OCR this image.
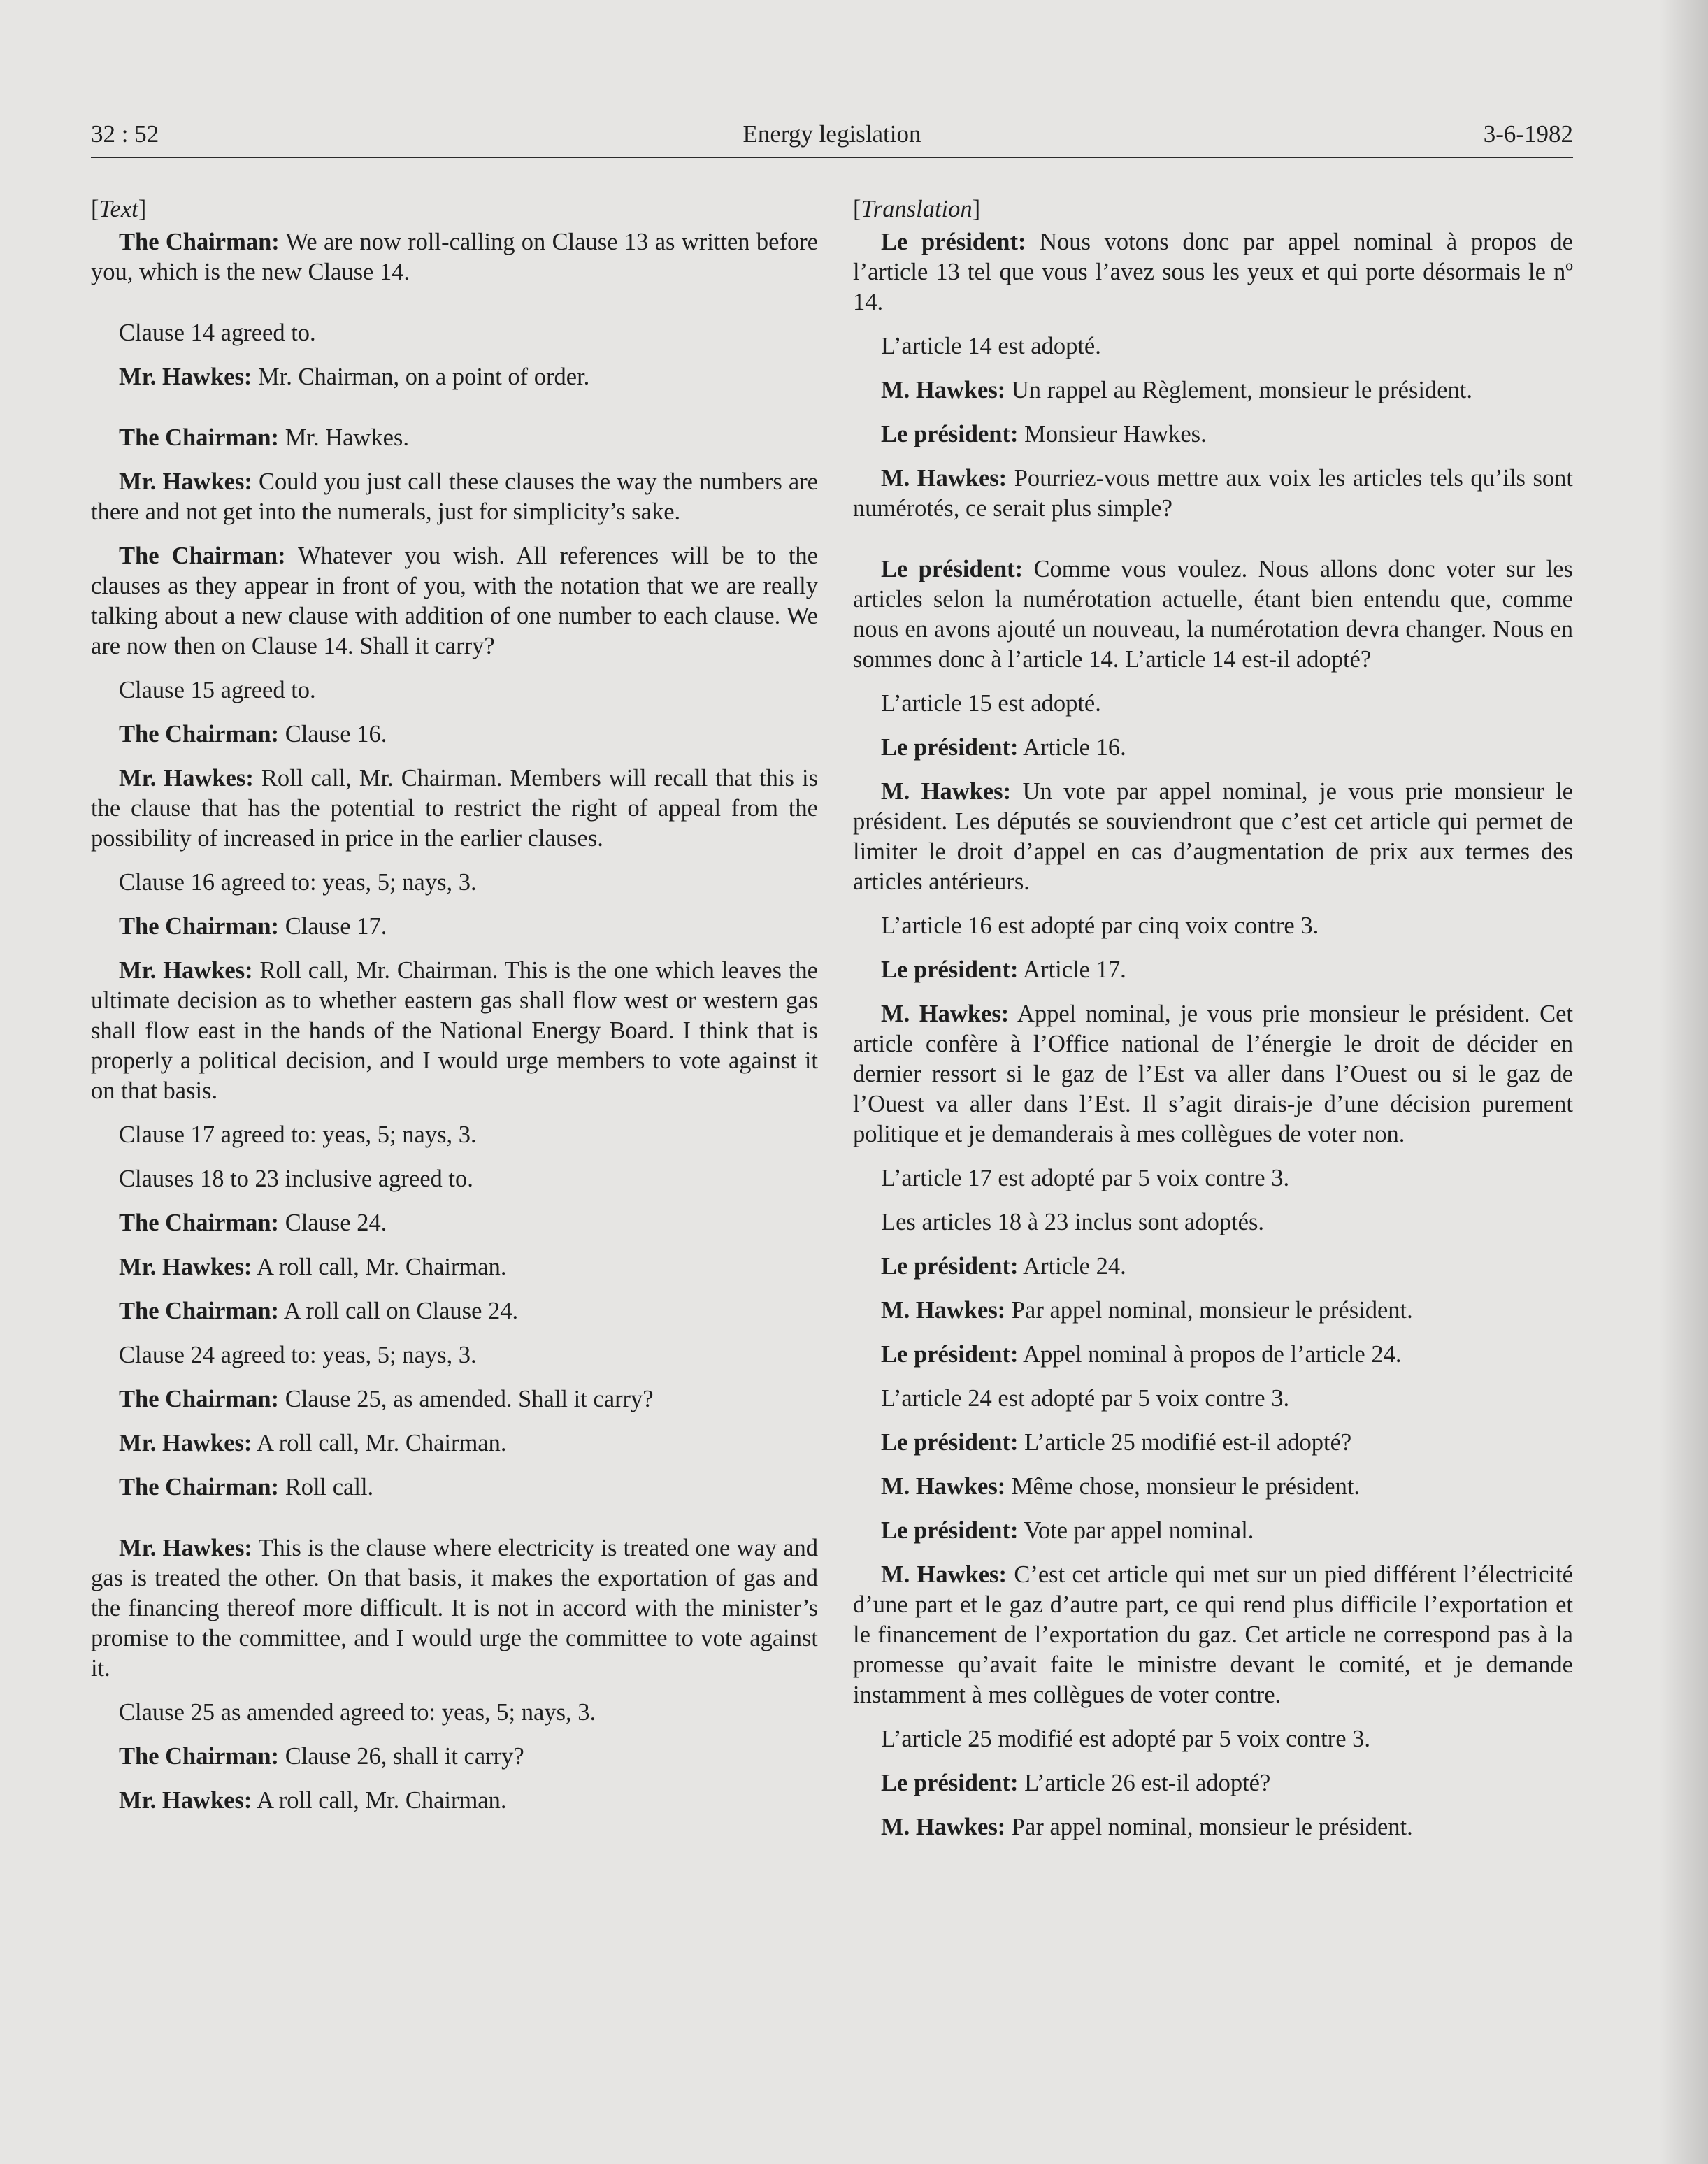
32 : 52	Energy legislation	3-6-1982
[Text]

The Chairman: We are now roll-calling on Clause 13 as written before you, which is the new Clause 14.

Clause 14 agreed to.

Mr. Hawkes: Mr. Chairman, on a point of order.

The Chairman: Mr. Hawkes.

Mr. Hawkes: Could you just call these clauses the way the numbers are there and not get into the numerals, just for simplicity’s sake.

The Chairman: Whatever you wish. All references will be to the clauses as they appear in front of you, with the notation that we are really talking about a new clause with addition of one number to each clause. We are now then on Clause 14. Shall it carry?

Clause 15 agreed to.

The Chairman: Clause 16.

Mr. Hawkes: Roll call, Mr. Chairman. Members will recall that this is the clause that has the potential to restrict the right of appeal from the possibility of increased in price in the earlier clauses.

Clause 16 agreed to: yeas, 5; nays, 3.

The Chairman: Clause 17.

Mr. Hawkes: Roll call, Mr. Chairman. This is the one which leaves the ultimate decision as to whether eastern gas shall flow west or western gas shall flow east in the hands of the National Energy Board. I think that is properly a political decision, and I would urge members to vote against it on that basis.

Clause 17 agreed to: yeas, 5; nays, 3.

Clauses 18 to 23 inclusive agreed to.

The Chairman: Clause 24.

Mr. Hawkes: A roll call, Mr. Chairman.

The Chairman: A roll call on Clause 24.

Clause 24 agreed to: yeas, 5; nays, 3.

The Chairman: Clause 25, as amended. Shall it carry?

Mr. Hawkes: A roll call, Mr. Chairman.

The Chairman: Roll call.

Mr. Hawkes: This is the clause where electricity is treated one way and gas is treated the other. On that basis, it makes the exportation of gas and the financing thereof more difficult. It is not in accord with the minister’s promise to the committee, and I would urge the committee to vote against it.

Clause 25 as amended agreed to: yeas, 5; nays, 3.

The Chairman: Clause 26, shall it carry?

Mr. Hawkes: A roll call, Mr. Chairman.

[Translation]

Le président: Nous votons donc par appel nominal à propos de l’article 13 tel que vous l’avez sous les yeux et qui porte désormais le nº 14.

L’article 14 est adopté.

M. Hawkes: Un rappel au Règlement, monsieur le président.

Le président: Monsieur Hawkes.

M. Hawkes: Pourriez-vous mettre aux voix les articles tels qu’ils sont numérotés, ce serait plus simple?

Le président: Comme vous voulez. Nous allons donc voter sur les articles selon la numérotation actuelle, étant bien entendu que, comme nous en avons ajouté un nouveau, la numérotation devra changer. Nous en sommes donc à l’article 14. L’article 14 est-il adopté?

L’article 15 est adopté.

Le président: Article 16.

M. Hawkes: Un vote par appel nominal, je vous prie monsieur le président. Les députés se souviendront que c’est cet article qui permet de limiter le droit d’appel en cas d’augmentation de prix aux termes des articles antérieurs.

L’article 16 est adopté par cinq voix contre 3.

Le président: Article 17.

M. Hawkes: Appel nominal, je vous prie monsieur le président. Cet article confère à l’Office national de l’énergie le droit de décider en dernier ressort si le gaz de l’Est va aller dans l’Ouest ou si le gaz de l’Ouest va aller dans l’Est. Il s’agit dirais-je d’une décision purement politique et je demanderais à mes collègues de voter non.

L’article 17 est adopté par 5 voix contre 3.

Les articles 18 à 23 inclus sont adoptés.

Le président: Article 24.

M. Hawkes: Par appel nominal, monsieur le président.

Le président: Appel nominal à propos de l’article 24.

L’article 24 est adopté par 5 voix contre 3.

Le président: L’article 25 modifié est-il adopté?

M. Hawkes: Même chose, monsieur le président.

Le président: Vote par appel nominal.

M. Hawkes: C’est cet article qui met sur un pied différent l’électricité d’une part et le gaz d’autre part, ce qui rend plus difficile l’exportation et le financement de l’exportation du gaz. Cet article ne correspond pas à la promesse qu’avait faite le ministre devant le comité, et je demande instamment à mes collègues de voter contre.

L’article 25 modifié est adopté par 5 voix contre 3.

Le président: L’article 26 est-il adopté?

M. Hawkes: Par appel nominal, monsieur le président.
